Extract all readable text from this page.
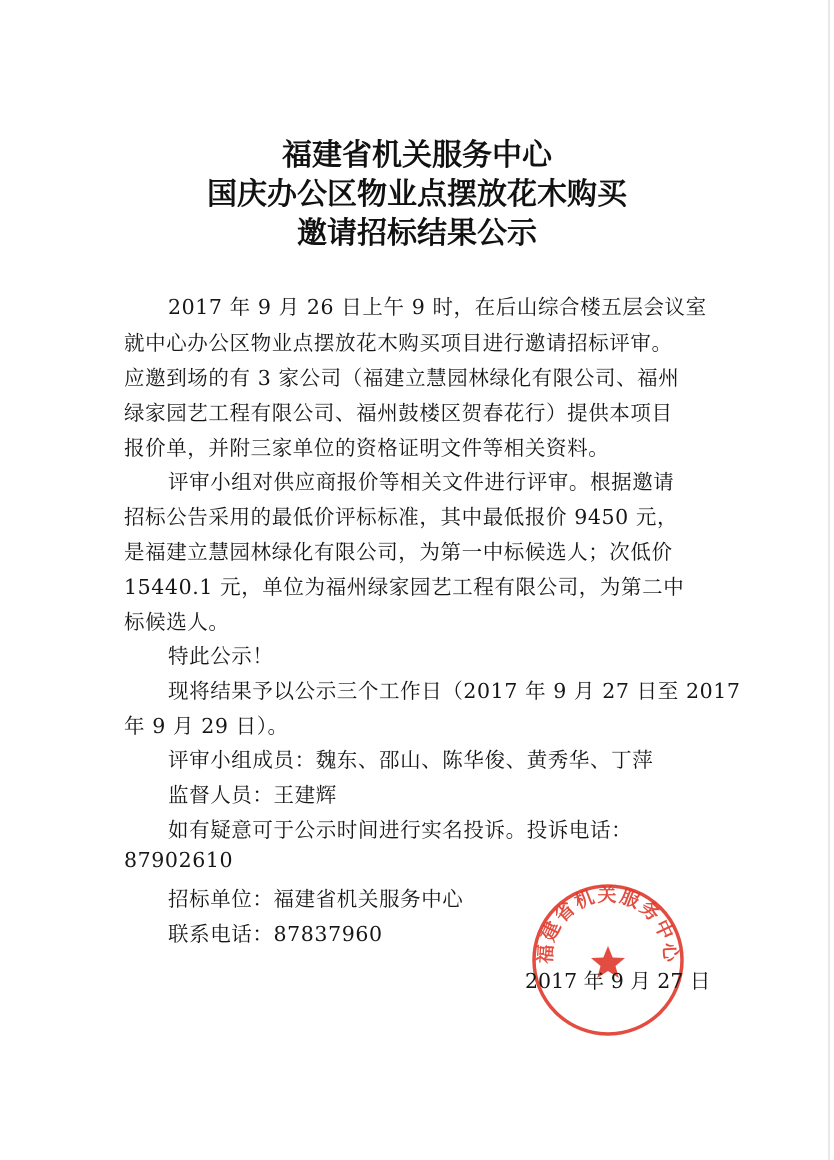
福建省机关服务中心
国庆办公区物业点摆放花木购买
邀请招标结果公示
2017 年 9 月 26 日上午 9 时，在后山综合楼五层会议室
就中心办公区物业点摆放花木购买项目进行邀请招标评审。
应邀到场的有 3 家公司（福建立慧园林绿化有限公司、福州
绿家园艺工程有限公司、福州鼓楼区贺春花行）提供本项目
报价单，并附三家单位的资格证明文件等相关资料。
评审小组对供应商报价等相关文件进行评审。根据邀请
招标公告采用的最低价评标标准，其中最低报价 9450 元，
是福建立慧园林绿化有限公司，为第一中标候选人；次低价
15440.1 元，单位为福州绿家园艺工程有限公司，为第二中
标候选人。
特此公示！
现将结果予以公示三个工作日（2017 年 9 月 27 日至 2017
年 9 月 29 日）。
评审小组成员：魏东、邵山、陈华俊、黄秀华、丁萍
监督人员：王建辉
如有疑意可于公示时间进行实名投诉。投诉电话：
87902610
招标单位：福建省机关服务中心
联系电话：87837960
福建省机关服务中心
2017 年 9 月 27 日
